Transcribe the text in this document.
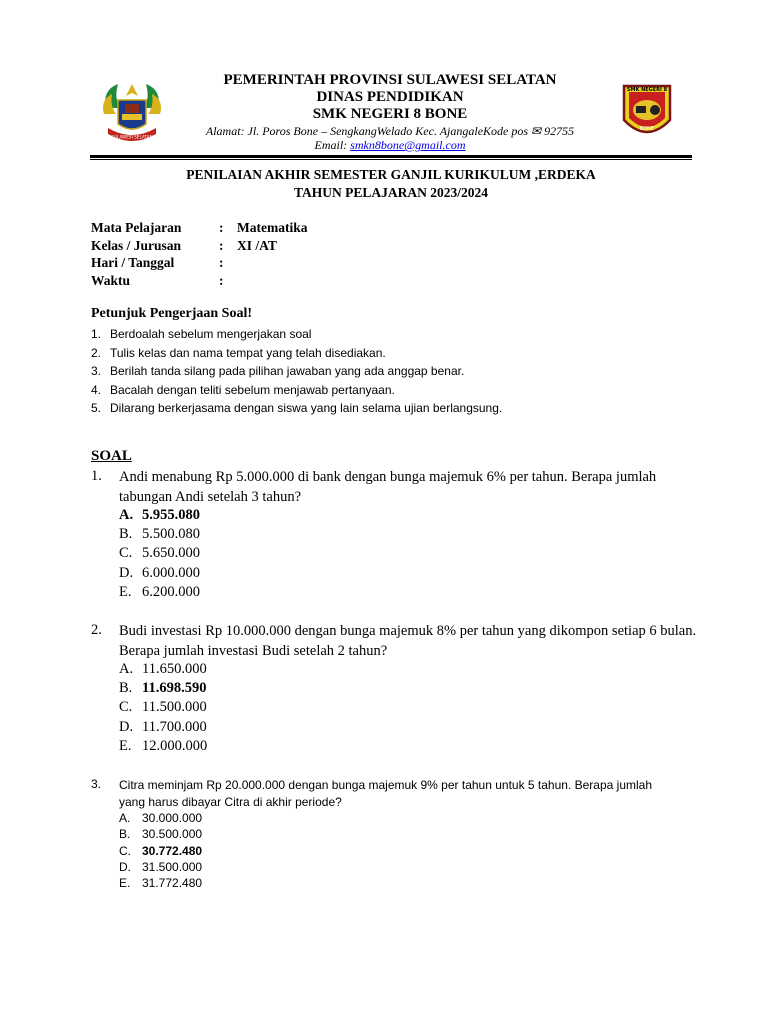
SULAWESI SELATAN
SMK NEGERI 8
BONE
PEMERINTAH PROVINSI SULAWESI SELATAN
DINAS PENDIDIKAN
SMK NEGERI 8 BONE
Alamat: Jl. Poros Bone – SengkangWelado Kec. AjangaleKode pos ✉ 92755
Email: smkn8bone@gmail.com
PENILAIAN AKHIR SEMESTER GANJIL KURIKULUM ,ERDEKA
TAHUN PELAJARAN 2023/2024
Mata Pelajaran	: Matematika
Kelas / Jurusan	: XI /AT
Hari / Tanggal	:
Waktu	:
Petunjuk Pengerjaan Soal!
1. Berdoalah sebelum mengerjakan soal
2. Tulis kelas dan nama tempat yang telah disediakan.
3. Berilah tanda silang pada pilihan jawaban yang ada anggap benar.
4. Bacalah dengan teliti sebelum menjawab pertanyaan.
5. Dilarang berkerjasama dengan siswa yang lain selama ujian berlangsung.
SOAL
1. Andi menabung Rp 5.000.000 di bank dengan bunga majemuk 6% per tahun. Berapa jumlah tabungan Andi setelah 3 tahun?
A. 5.955.080
B. 5.500.080
C. 5.650.000
D. 6.000.000
E. 6.200.000
2. Budi investasi Rp 10.000.000 dengan bunga majemuk 8% per tahun yang dikompon setiap 6 bulan. Berapa jumlah investasi Budi setelah 2 tahun?
A. 11.650.000
B. 11.698.590
C. 11.500.000
D. 11.700.000
E. 12.000.000
3. Citra meminjam Rp 20.000.000 dengan bunga majemuk 9% per tahun untuk 5 tahun. Berapa jumlah yang harus dibayar Citra di akhir periode?
A. 30.000.000
B. 30.500.000
C. 30.772.480
D. 31.500.000
E. 31.772.480
